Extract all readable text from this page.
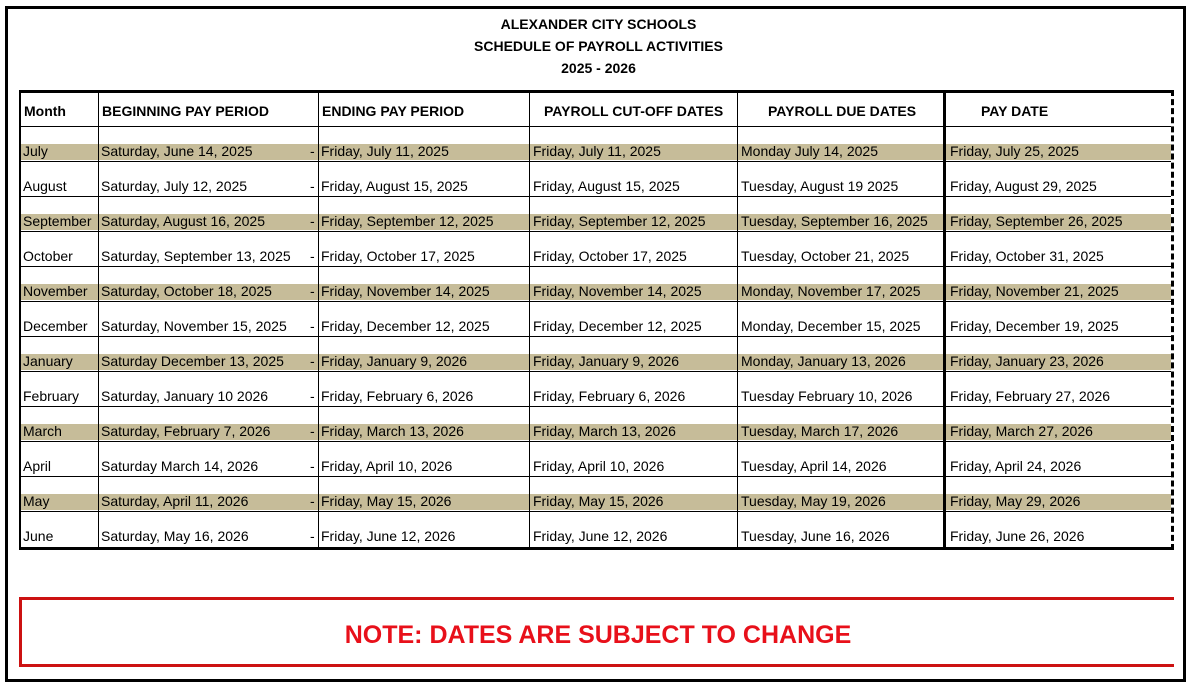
ALEXANDER CITY SCHOOLS
SCHEDULE OF PAYROLL ACTIVITIES
2025 - 2026
Month	BEGINNING PAY PERIOD	ENDING PAY PERIOD	PAYROLL CUT-OFF DATES	PAYROLL DUE DATES	PAY DATE
July	Saturday, June 14, 2025	Friday, July 11, 2025	Friday, July 11, 2025	Monday July 14, 2025	Friday, July 25, 2025
-
August Saturday, July 12, 2025	Friday, August 15, 2025	Friday, August 15, 2025	Tuesday, August 19 2025	Friday, August 29, 2025
-
September Saturday, August 16, 2025	Friday, September 12, 2025	Friday, September 12, 2025	Tuesday, September 16, 2025 Friday, September 26, 2025
-
October Saturday, September 13, 2025 Friday, October 17, 2025	Friday, October 17, 2025	Tuesday, October 21, 2025	Friday, October 31, 2025
-
November Saturday, October 18, 2025	Friday, November 14, 2025	Friday, November 14, 2025	Monday, November 17, 2025 Friday, November 21, 2025
-
December Saturday, November 15, 2025 Friday, December 12, 2025	Friday, December 12, 2025	Monday, December 15, 2025 Friday, December 19, 2025
-
January Saturday December 13, 2025	Friday, January 9, 2026	Friday, January 9, 2026	Monday, January 13, 2026	Friday, January 23, 2026
-
February Saturday, January 10 2026	Friday, February 6, 2026	Friday, February 6, 2026	Tuesday February 10, 2026	Friday, February 27, 2026
-
March	Saturday, February 7, 2026	Friday, March 13, 2026	Friday, March 13, 2026	Tuesday, March 17, 2026	Friday, March 27, 2026
-
April	Saturday March 14, 2026	Friday, April 10, 2026	Friday, April 10, 2026	Tuesday, April 14, 2026	Friday, April 24, 2026
-
May	Saturday, April 11, 2026	Friday, May 15, 2026	Friday, May 15, 2026	Tuesday, May 19, 2026	Friday, May 29, 2026
-
June	Saturday, May 16, 2026	Friday, June 12, 2026	Friday, June 12, 2026	Tuesday, June 16, 2026	Friday, June 26, 2026
-
NOTE: DATES ARE SUBJECT TO CHANGE
